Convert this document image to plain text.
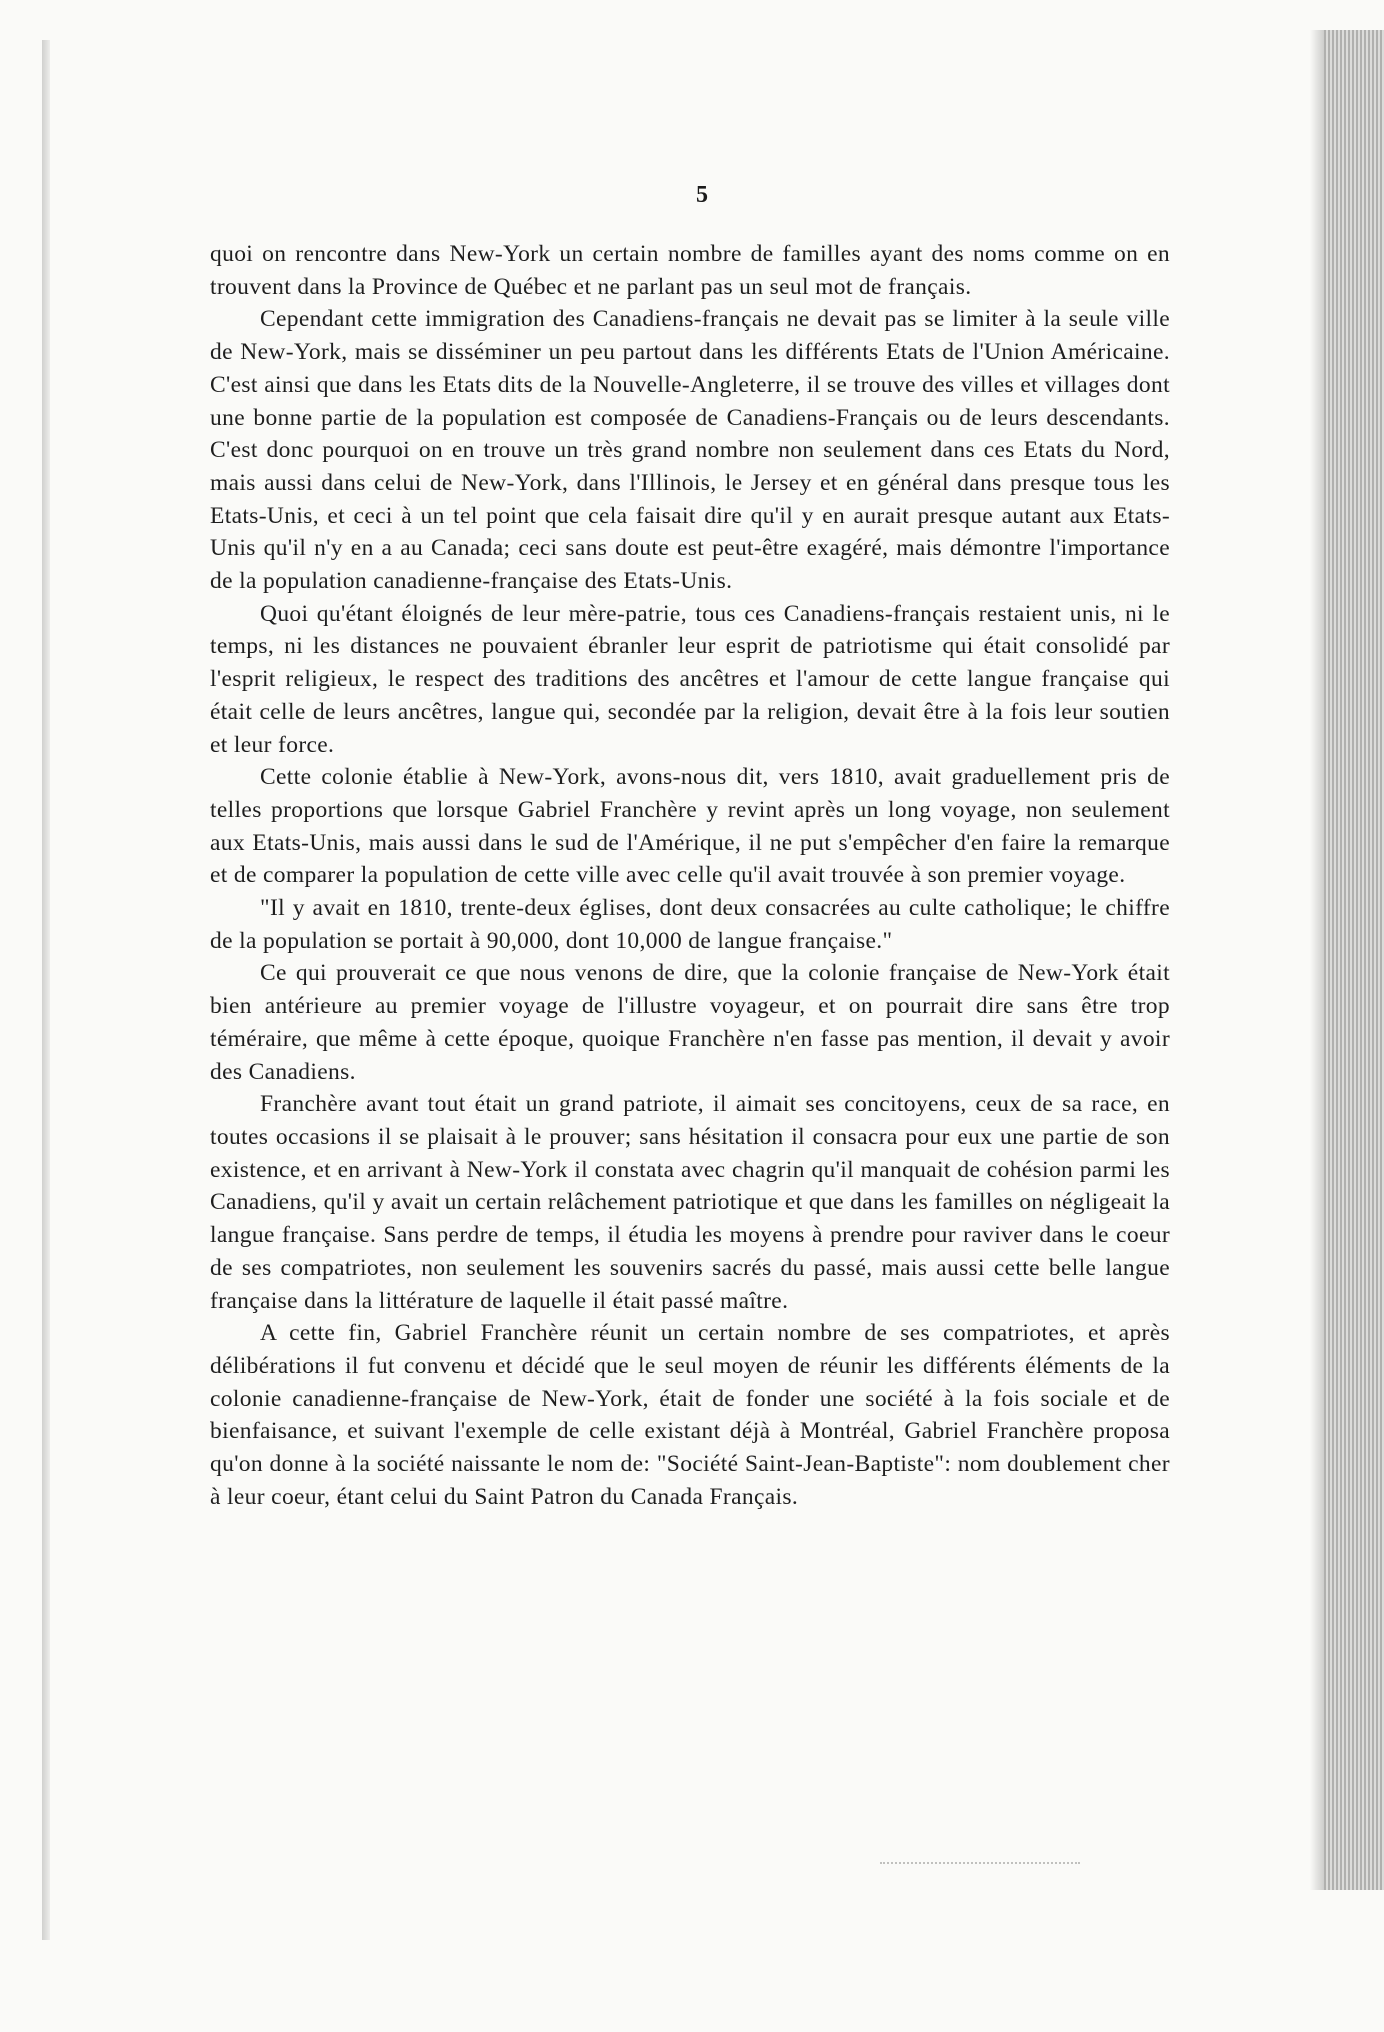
5

quoi on rencontre dans New-York un certain nombre de familles ayant des noms comme on en trouvent dans la Province de Québec et ne parlant pas un seul mot de français.

Cependant cette immigration des Canadiens-français ne devait pas se limiter à la seule ville de New-York, mais se disséminer un peu partout dans les différents Etats de l'Union Américaine. C'est ainsi que dans les Etats dits de la Nouvelle-Angleterre, il se trouve des villes et villages dont une bonne partie de la population est composée de Canadiens-Français ou de leurs descendants. C'est donc pourquoi on en trouve un très grand nombre non seulement dans ces Etats du Nord, mais aussi dans celui de New-York, dans l'Illinois, le Jersey et en général dans presque tous les Etats-Unis, et ceci à un tel point que cela faisait dire qu'il y en aurait presque autant aux Etats-Unis qu'il n'y en a au Canada; ceci sans doute est peut-être exagéré, mais démontre l'importance de la population canadienne-française des Etats-Unis.

Quoi qu'étant éloignés de leur mère-patrie, tous ces Canadiens-français restaient unis, ni le temps, ni les distances ne pouvaient ébranler leur esprit de patriotisme qui était consolidé par l'esprit religieux, le respect des traditions des ancêtres et l'amour de cette langue française qui était celle de leurs ancêtres, langue qui, secondée par la religion, devait être à la fois leur soutien et leur force.

Cette colonie établie à New-York, avons-nous dit, vers 1810, avait graduellement pris de telles proportions que lorsque Gabriel Franchère y revint après un long voyage, non seulement aux Etats-Unis, mais aussi dans le sud de l'Amérique, il ne put s'empêcher d'en faire la remarque et de comparer la population de cette ville avec celle qu'il avait trouvée à son premier voyage.

"Il y avait en 1810, trente-deux églises, dont deux consacrées au culte catholique; le chiffre de la population se portait à 90,000, dont 10,000 de langue française."

Ce qui prouverait ce que nous venons de dire, que la colonie française de New-York était bien antérieure au premier voyage de l'illustre voyageur, et on pourrait dire sans être trop téméraire, que même à cette époque, quoique Franchère n'en fasse pas mention, il devait y avoir des Canadiens.

Franchère avant tout était un grand patriote, il aimait ses concitoyens, ceux de sa race, en toutes occasions il se plaisait à le prouver; sans hésitation il consacra pour eux une partie de son existence, et en arrivant à New-York il constata avec chagrin qu'il manquait de cohésion parmi les Canadiens, qu'il y avait un certain relâchement patriotique et que dans les familles on négligeait la langue française. Sans perdre de temps, il étudia les moyens à prendre pour raviver dans le coeur de ses compatriotes, non seulement les souvenirs sacrés du passé, mais aussi cette belle langue française dans la littérature de laquelle il était passé maître.

A cette fin, Gabriel Franchère réunit un certain nombre de ses compatriotes, et après délibérations il fut convenu et décidé que le seul moyen de réunir les différents éléments de la colonie canadienne-française de New-York, était de fonder une société à la fois sociale et de bienfaisance, et suivant l'exemple de celle existant déjà à Montréal, Gabriel Franchère proposa qu'on donne à la société naissante le nom de: "Société Saint-Jean-Baptiste": nom doublement cher à leur coeur, étant celui du Saint Patron du Canada Français.
